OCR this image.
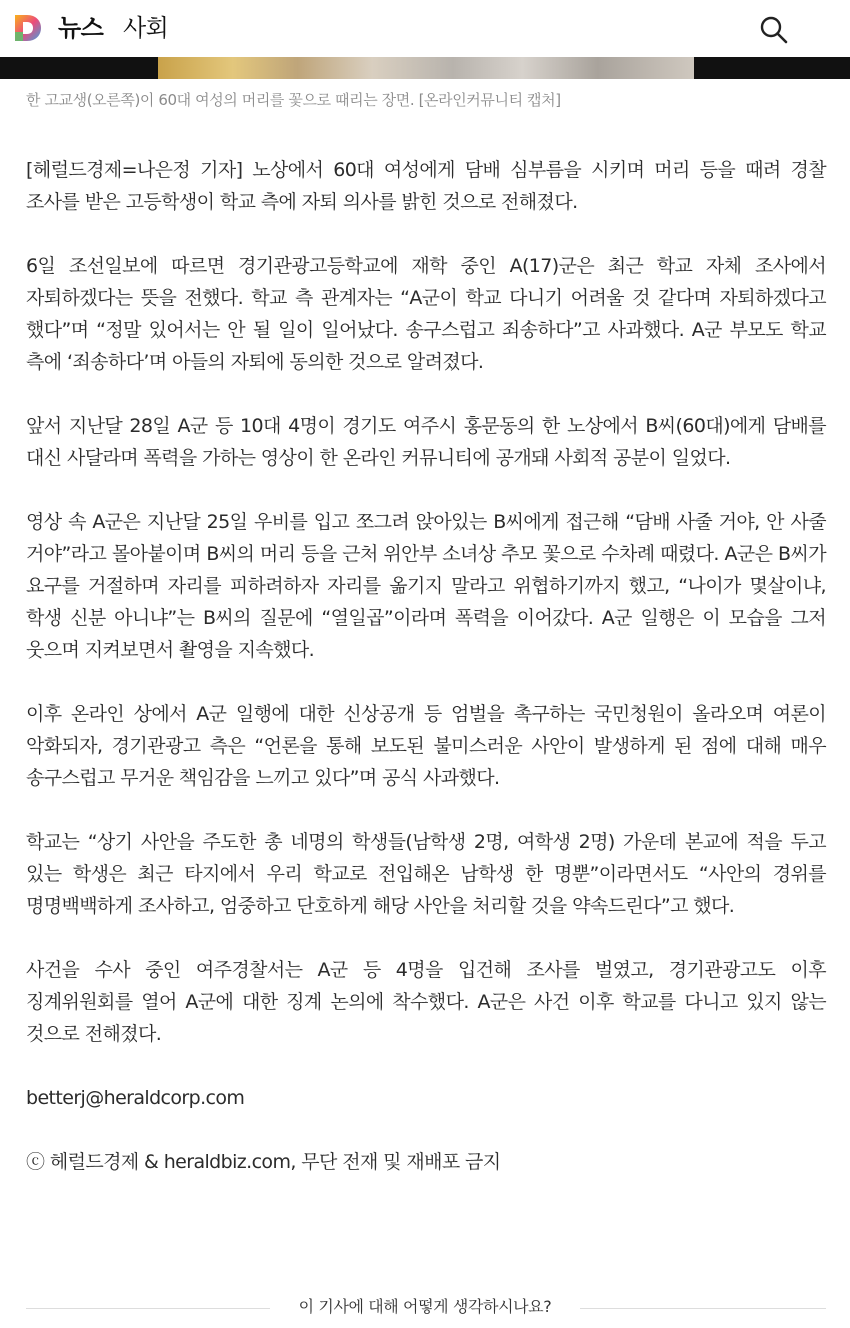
뉴스 사회
한 고교생(오른쪽)이 60대 여성의 머리를 꽃으로 때리는 장면. [온라인커뮤니티 캡처]

[헤럴드경제=나은정 기자] 노상에서 60대 여성에게 담배 심부름을 시키며 머리 등을 때려 경찰 조사를 받은 고등학생이 학교 측에 자퇴 의사를 밝힌 것으로 전해졌다.

6일 조선일보에 따르면 경기관광고등학교에 재학 중인 A(17)군은 최근 학교 자체 조사에서 자퇴하겠다는 뜻을 전했다. 학교 측 관계자는 “A군이 학교 다니기 어려울 것 같다며 자퇴하겠다고 했다”며 “정말 있어서는 안 될 일이 일어났다. 송구스럽고 죄송하다”고 사과했다. A군 부모도 학교 측에 ‘죄송하다’며 아들의 자퇴에 동의한 것으로 알려졌다.

앞서 지난달 28일 A군 등 10대 4명이 경기도 여주시 홍문동의 한 노상에서 B씨(60대)에게 담배를 대신 사달라며 폭력을 가하는 영상이 한 온라인 커뮤니티에 공개돼 사회적 공분이 일었다.

영상 속 A군은 지난달 25일 우비를 입고 쪼그려 앉아있는 B씨에게 접근해 “담배 사줄 거야, 안 사줄 거야”라고 몰아붙이며 B씨의 머리 등을 근처 위안부 소녀상 추모 꽃으로 수차례 때렸다. A군은 B씨가 요구를 거절하며 자리를 피하려하자 자리를 옮기지 말라고 위협하기까지 했고, “나이가 몇살이냐, 학생 신분 아니냐”는 B씨의 질문에 “열일곱”이라며 폭력을 이어갔다. A군 일행은 이 모습을 그저 웃으며 지켜보면서 촬영을 지속했다.

이후 온라인 상에서 A군 일행에 대한 신상공개 등 엄벌을 촉구하는 국민청원이 올라오며 여론이 악화되자, 경기관광고 측은 “언론을 통해 보도된 불미스러운 사안이 발생하게 된 점에 대해 매우 송구스럽고 무거운 책임감을 느끼고 있다”며 공식 사과했다.

학교는 “상기 사안을 주도한 총 네명의 학생들(남학생 2명, 여학생 2명) 가운데 본교에 적을 두고 있는 학생은 최근 타지에서 우리 학교로 전입해온 남학생 한 명뿐”이라면서도 “사안의 경위를 명명백백하게 조사하고, 엄중하고 단호하게 해당 사안을 처리할 것을 약속드린다”고 했다.

사건을 수사 중인 여주경찰서는 A군 등 4명을 입건해 조사를 벌였고, 경기관광고도 이후 징계위원회를 열어 A군에 대한 징계 논의에 착수했다. A군은 사건 이후 학교를 다니고 있지 않는 것으로 전해졌다.

betterj@heraldcorp.com

ⓒ 헤럴드경제 & heraldbiz.com, 무단 전재 및 재배포 금지

이 기사에 대해 어떻게 생각하시나요?
